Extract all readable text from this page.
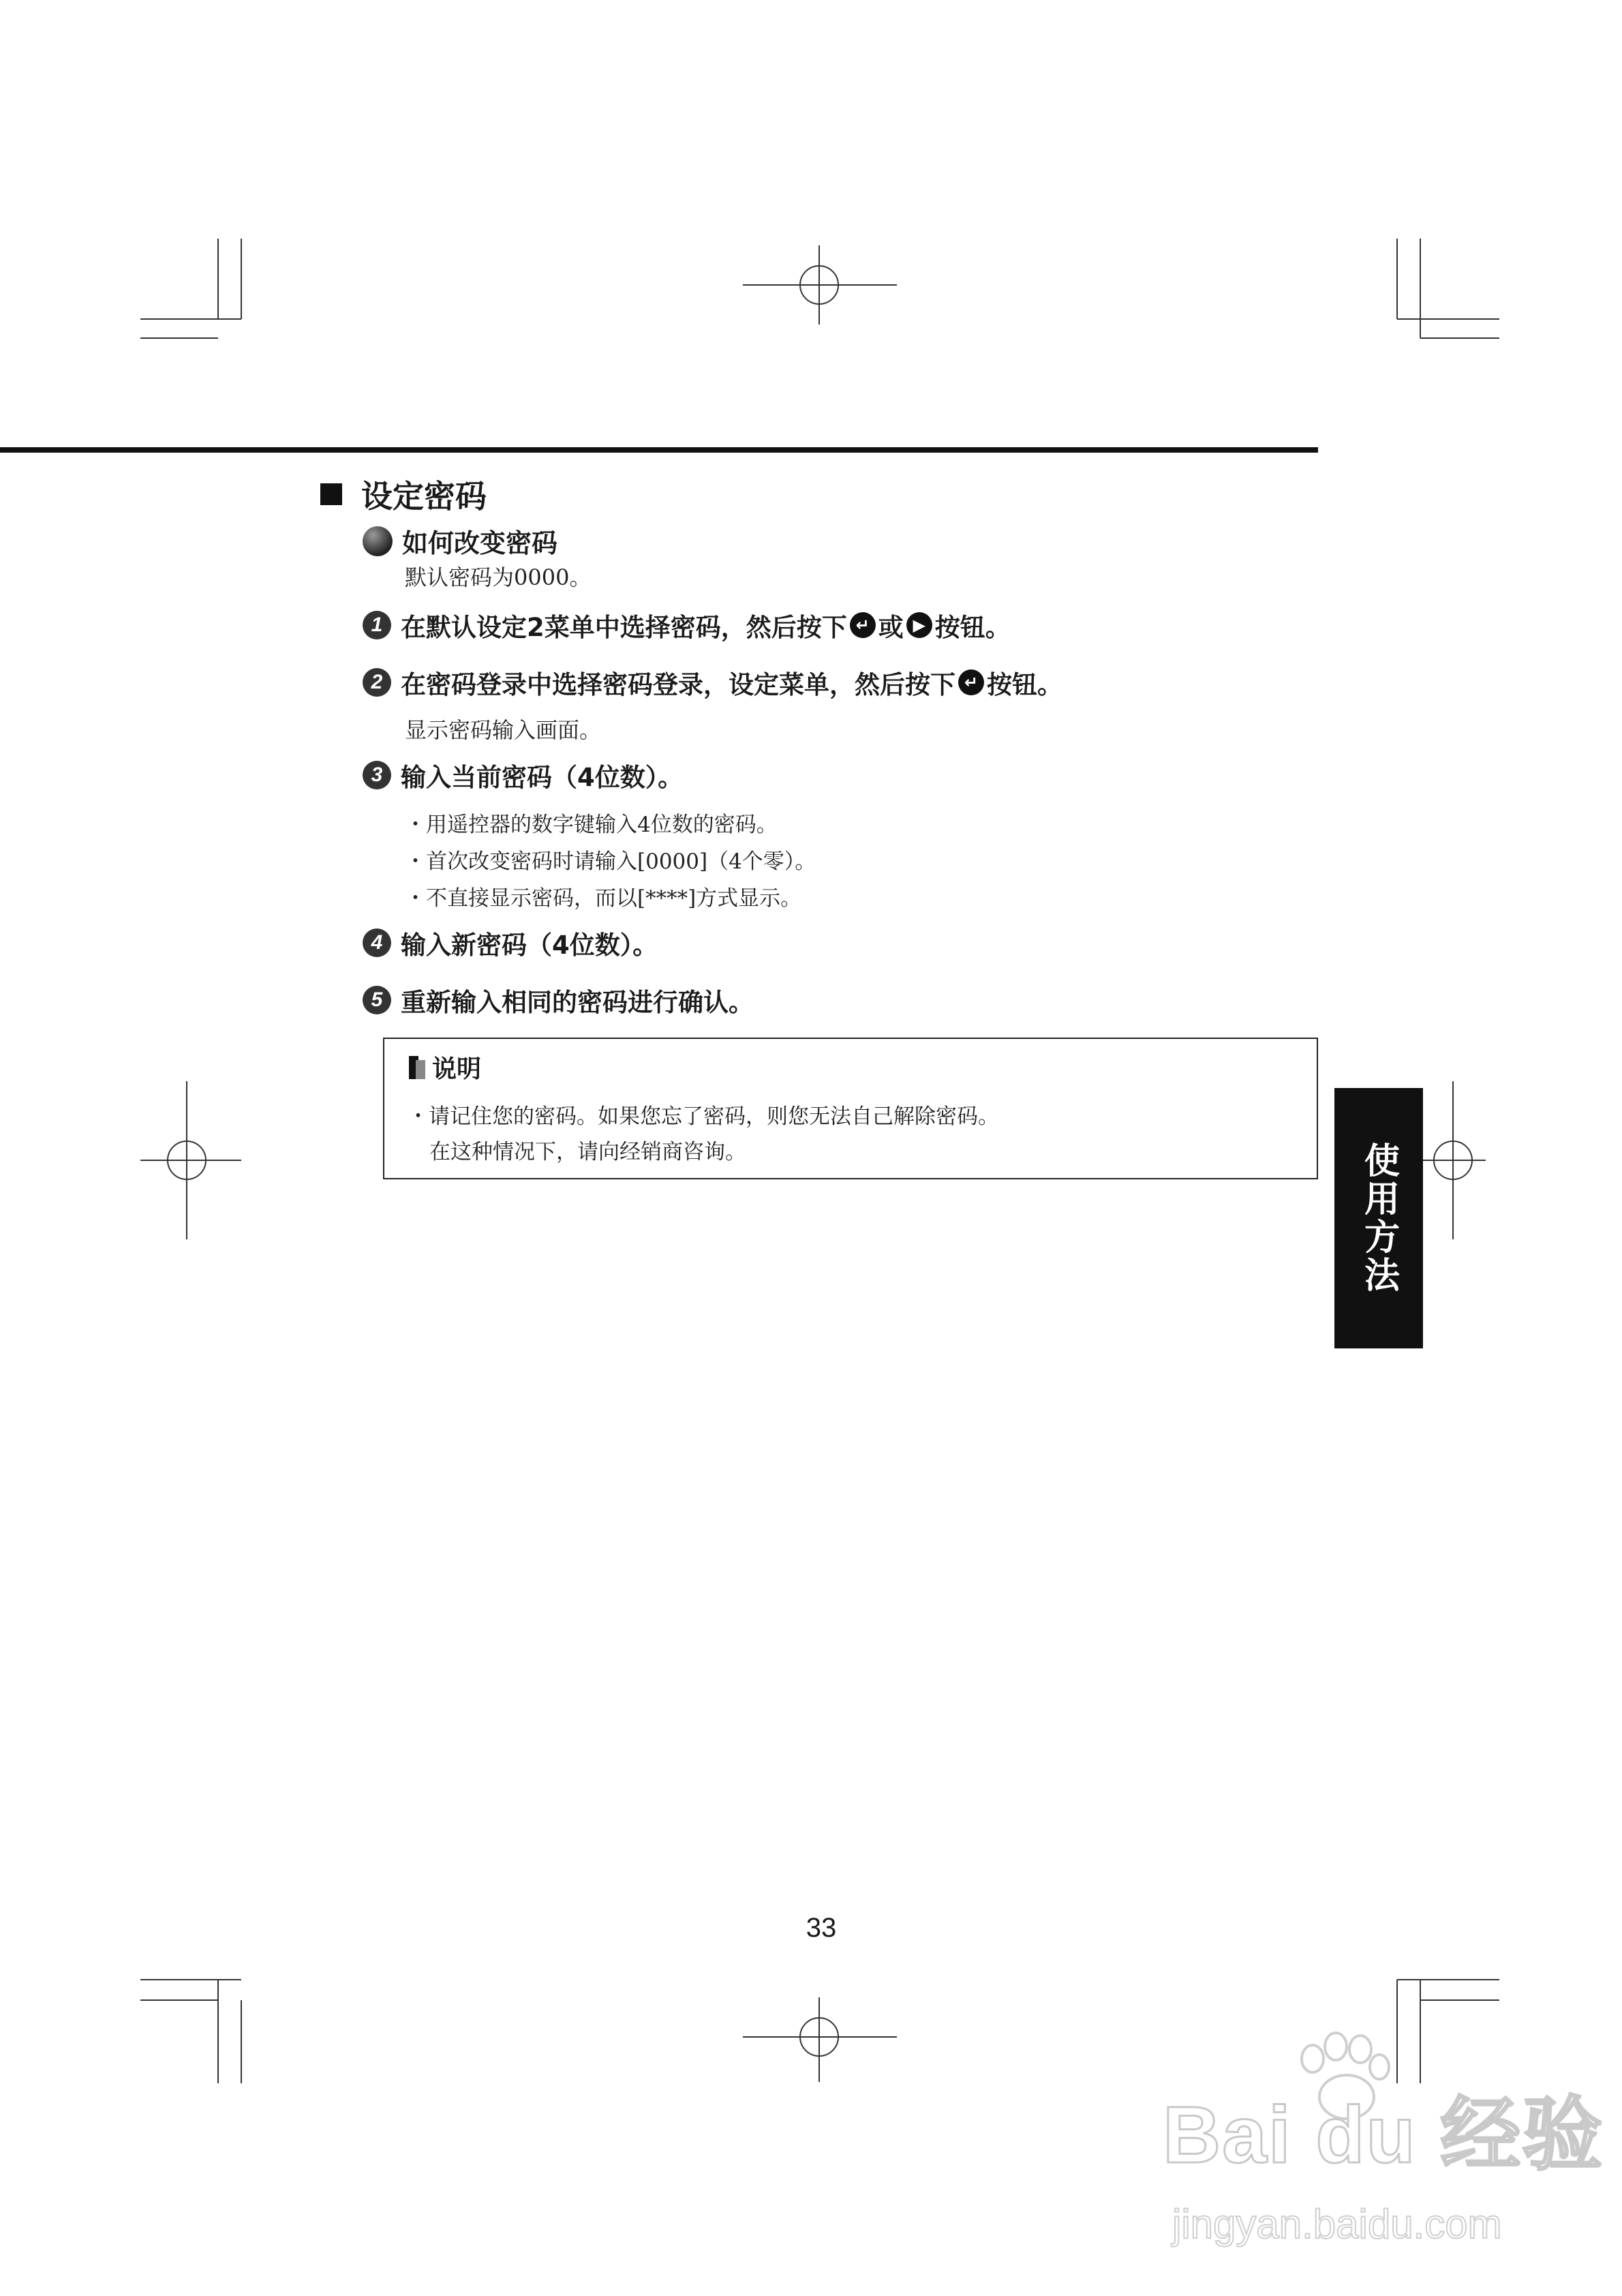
设定密码
如何改变密码
默认密码为0000。
1 在默认设定2菜单中选择密码，然后按下 ↵ 或 ▶ 按钮。
2 在密码登录中选择密码登录，设定菜单，然后按下 ↵ 按钮。
显示密码输入画面。
3 输入当前密码（4位数）。
・用遥控器的数字键输入4位数的密码。
・首次改变密码时请输入[0000]（4个零）。
・不直接显示密码，而以[****]方式显示。
4 输入新密码（4位数）。
5 重新输入相同的密码进行确认。
说明
・请记住您的密码。如果您忘了密码，则您无法自己解除密码。
在这种情况下，请向经销商咨询。	使用方法
33
Bai du 经验
jingyan.baidu.com
